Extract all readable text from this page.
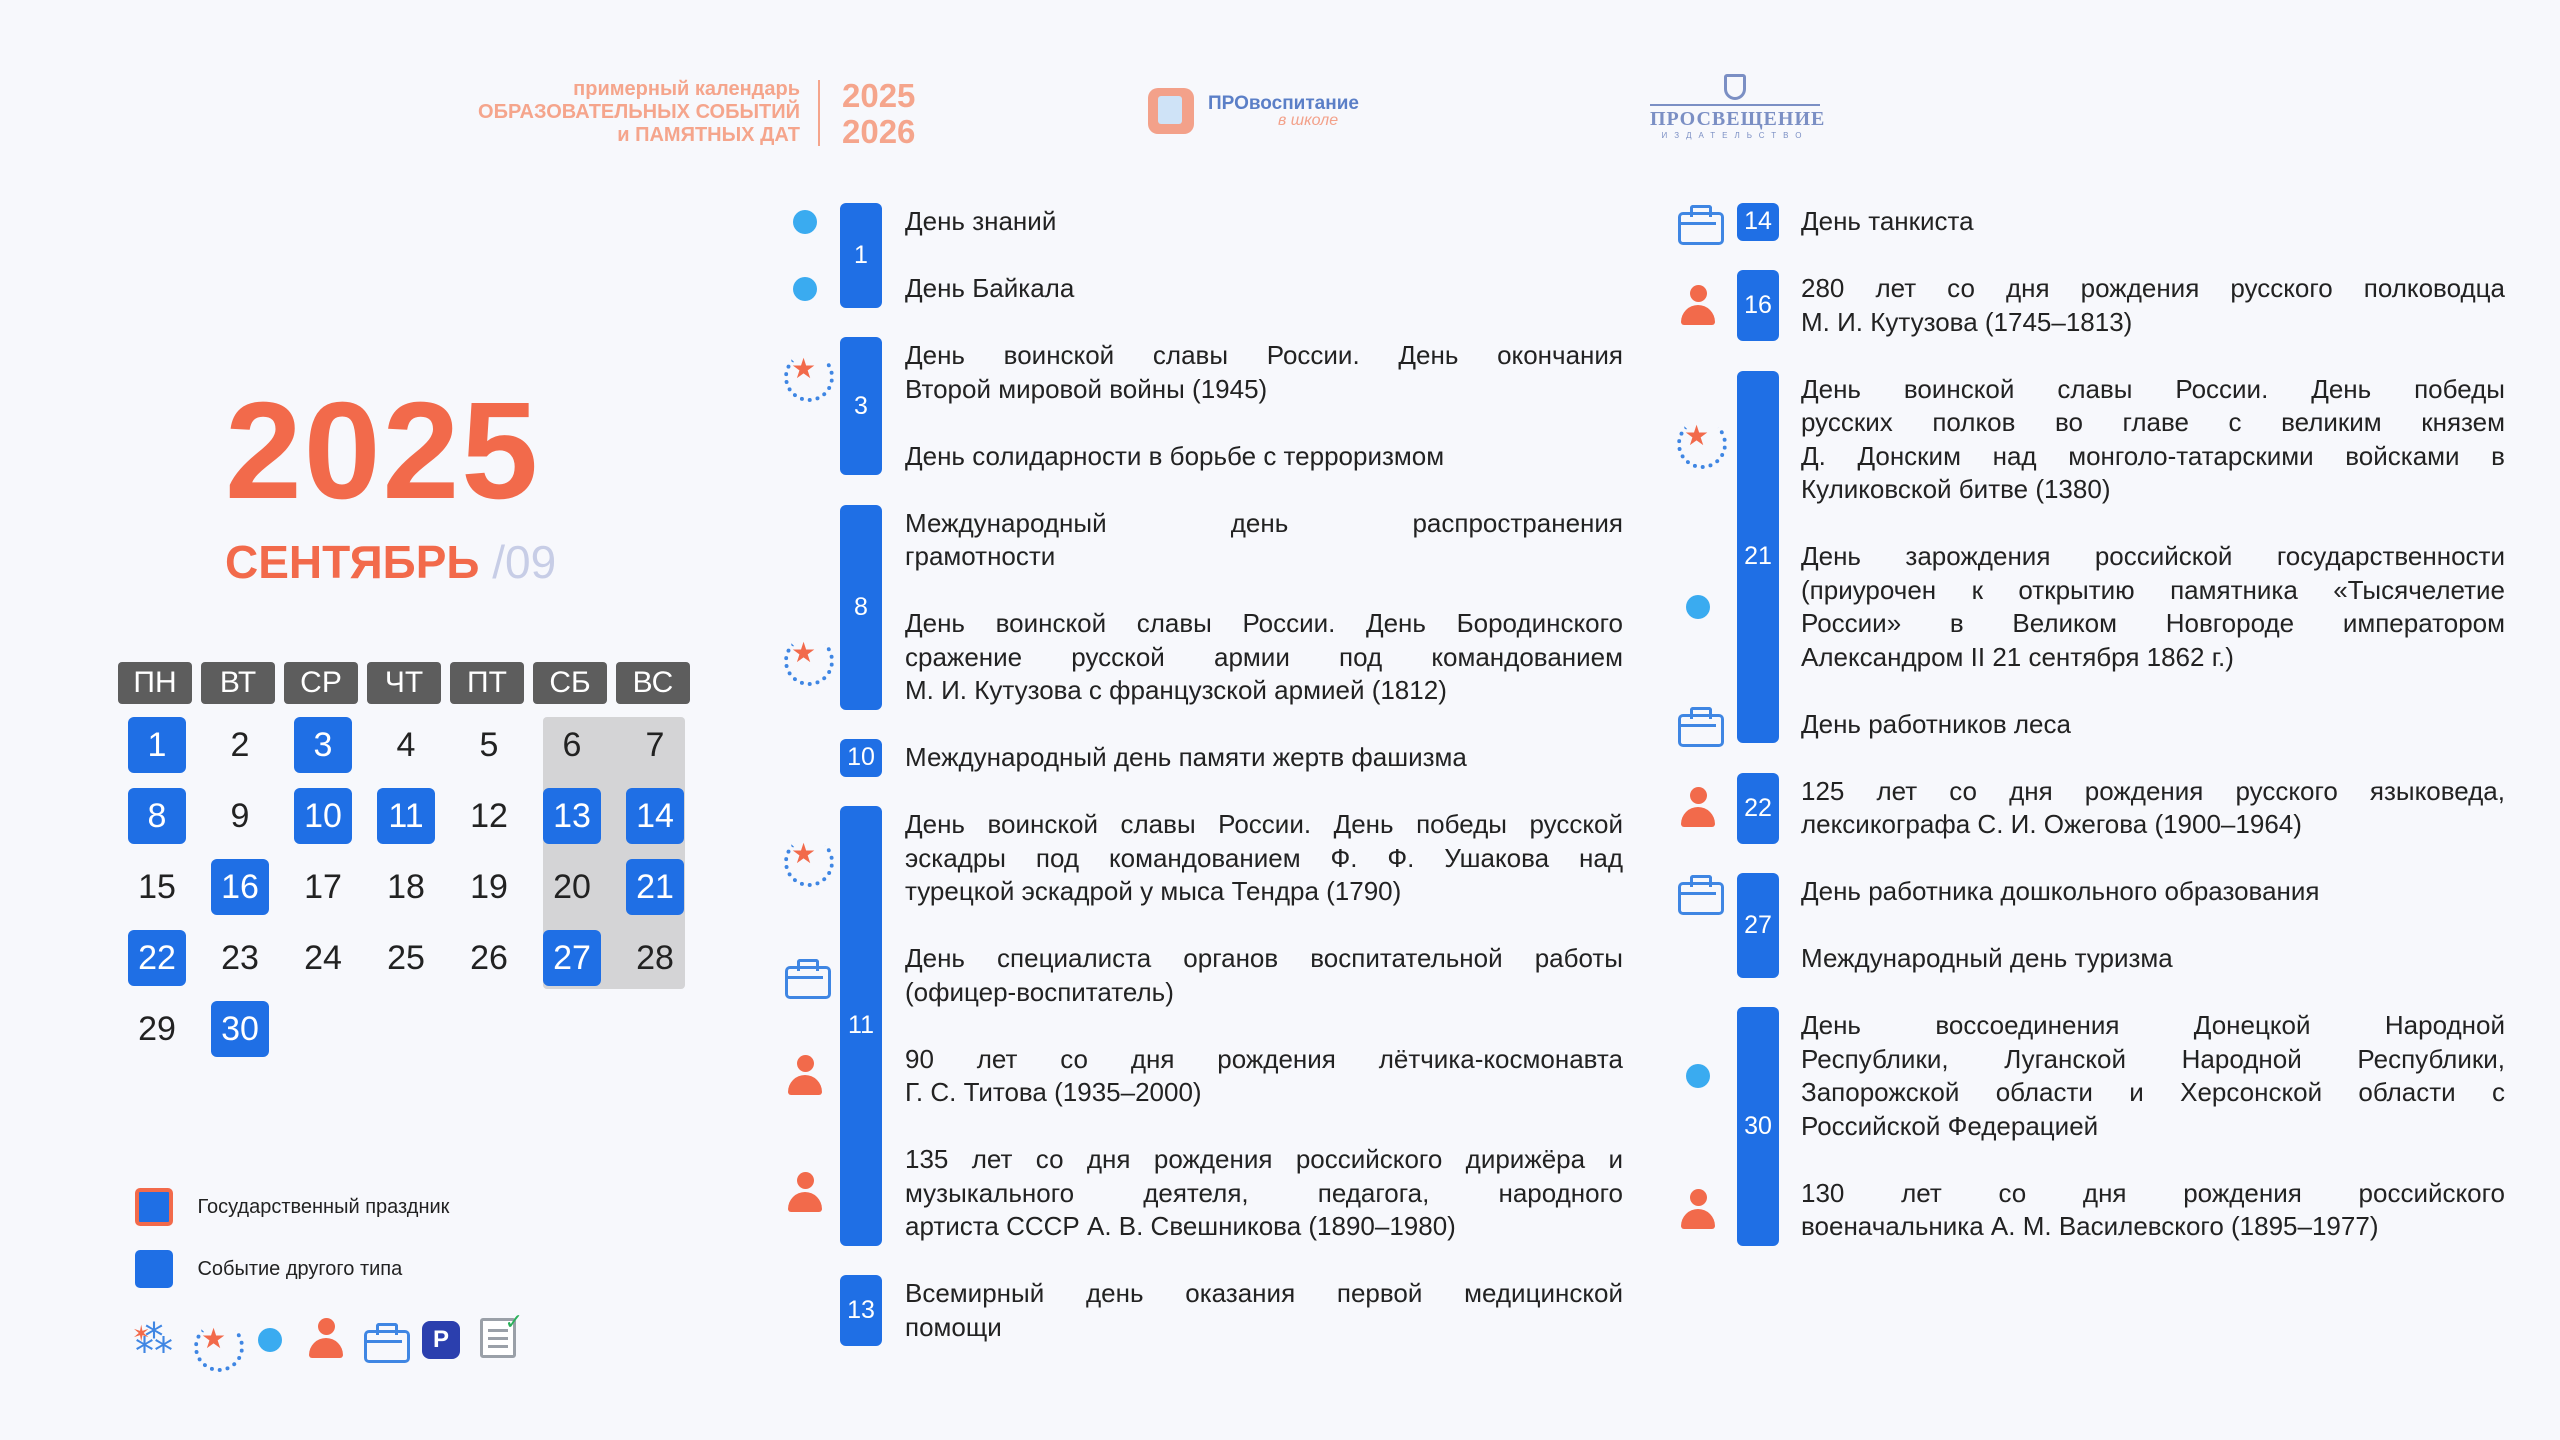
примерный календарь
ОБРАЗОВАТЕЛЬНЫХ СОБЫТИЙ
и ПАМЯТНЫХ ДАТ
2025
2026
ПРОвоспитание
в школе	ПРОСВЕЩЕНИЕ
ИЗДАТЕЛЬСТВО
2025
СЕНТЯБРЬ /09
ПН	ВТ	СР	ЧТ	ПТ	СБ	ВС
1	2	3	4	5	6	7
8	9	10	11	12 13 14
15 16 17 18 19 20 21
22 23 24 25 26 27 28
29 30
Государственный праздник
Событие другого типа
⁂ ✶ ★	P
✓
День знаний
День Байкала
1
День воинской славы России. День окончания
Второй мировой войны (1945)
★
День солидарности в борьбе с терроризмом
3
Международный день распространения
грамотности
День воинской славы России. День Бородинского
сражение русской армии под командованием
М. И. Кутузова с французской армией (1812)
★
8
Международный день памяти жертв фашизма
10
День воинской славы России. День победы русской
эскадры под командованием Ф. Ф. Ушакова над
турецкой эскадрой у мыса Тендра (1790)
★
День специалиста органов воспитательной работы
(офицер-воспитатель)
90 лет со дня рождения лётчика-космонавта
Г. С. Титова (1935–2000)
135 лет со дня рождения российского дирижёра и
музыкального деятеля, педагога, народного
артиста СССР А. В. Свешникова (1890–1980)
11
Всемирный день оказания первой медицинской
помощи
13
День танкиста
14
280 лет со дня рождения русского полководца
М. И. Кутузова (1745–1813)
16
День воинской славы России. День победы
русских полков во главе с великим князем
Д. Донским над монголо-татарскими войсками в
Куликовской битве (1380)
★
День зарождения российской государственности
(приурочен к открытию памятника «Тысячелетие
России» в Великом Новгороде императором
Александром II 21 сентября 1862 г.)
День работников леса
21
125 лет со дня рождения русского языковеда,
лексикографа С. И. Ожегова (1900–1964)
22
День работника дошкольного образования
Международный день туризма
27
День воссоединения Донецкой Народной
Республики, Луганской Народной Республики,
Запорожской области и Херсонской области с
Российской Федерацией
130 лет со дня рождения российского
военачальника А. М. Василевского (1895–1977)
30
